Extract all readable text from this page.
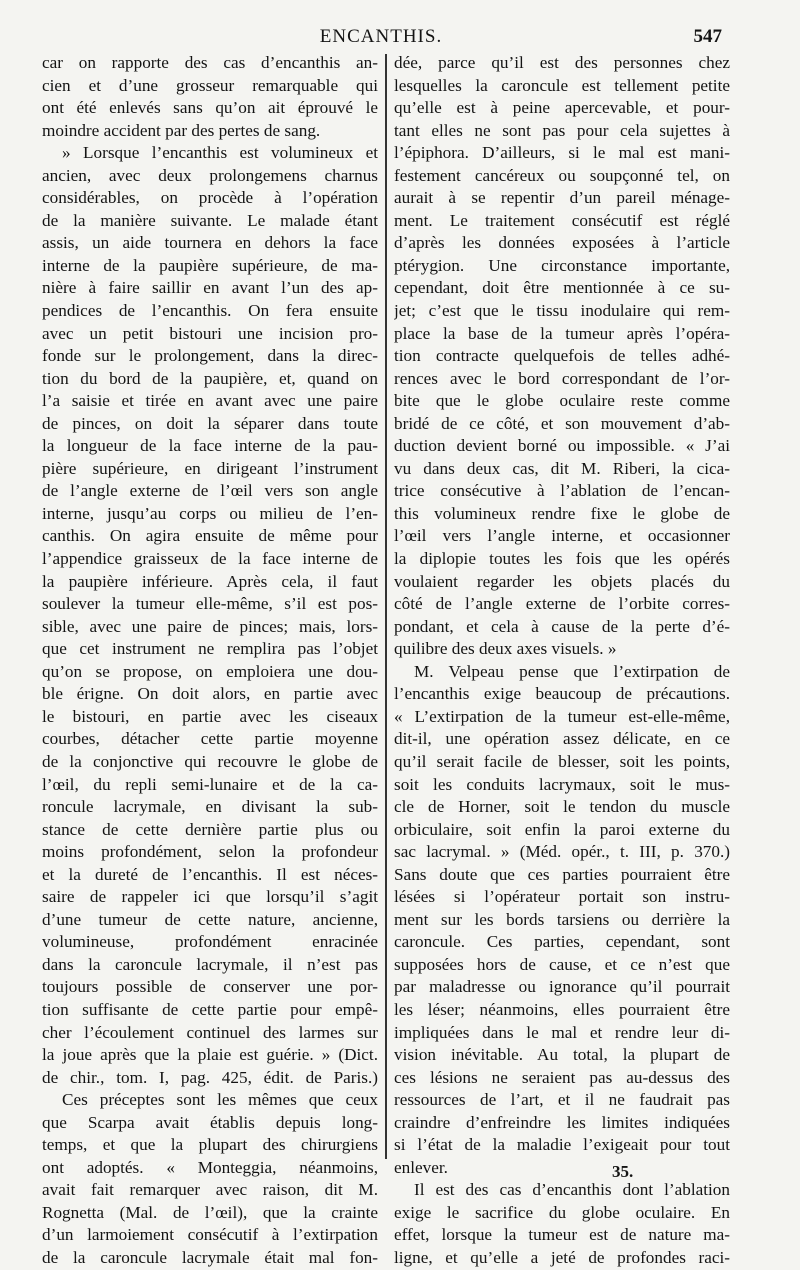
ENCANTHIS.	547
car on rapporte des cas d’encanthis an-
cien et d’une grosseur remarquable qui
ont été enlevés sans qu’on ait éprouvé le
moindre accident par des pertes de sang.
» Lorsque l’encanthis est volumineux et
ancien, avec deux prolongemens charnus
considérables, on procède à l’opération
de la manière suivante. Le malade étant
assis, un aide tournera en dehors la face
interne de la paupière supérieure, de ma-
nière à faire saillir en avant l’un des ap-
pendices de l’encanthis. On fera ensuite
avec un petit bistouri une incision pro-
fonde sur le prolongement, dans la direc-
tion du bord de la paupière, et, quand on
l’a saisie et tirée en avant avec une paire
de pinces, on doit la séparer dans toute
la longueur de la face interne de la pau-
pière supérieure, en dirigeant l’instrument
de l’angle externe de l’œil vers son angle
interne, jusqu’au corps ou milieu de l’en-
canthis. On agira ensuite de même pour
l’appendice graisseux de la face interne de
la paupière inférieure. Après cela, il faut
soulever la tumeur elle-même, s’il est pos-
sible, avec une paire de pinces; mais, lors-
que cet instrument ne remplira pas l’objet
qu’on se propose, on emploiera une dou-
ble érigne. On doit alors, en partie avec
le bistouri, en partie avec les ciseaux
courbes, détacher cette partie moyenne
de la conjonctive qui recouvre le globe de
l’œil, du repli semi-lunaire et de la ca-
roncule lacrymale, en divisant la sub-
stance de cette dernière partie plus ou
moins profondément, selon la profondeur
et la dureté de l’encanthis. Il est néces-
saire de rappeler ici que lorsqu’il s’agit
d’une tumeur de cette nature, ancienne,
volumineuse, profondément enracinée
dans la caroncule lacrymale, il n’est pas
toujours possible de conserver une por-
tion suffisante de cette partie pour empê-
cher l’écoulement continuel des larmes sur
la joue après que la plaie est guérie. » (Dict.
de chir., tom. I, pag. 425, édit. de Paris.)
Ces préceptes sont les mêmes que ceux
que Scarpa avait établis depuis long-
temps, et que la plupart des chirurgiens
ont adoptés. « Monteggia, néanmoins,
avait fait remarquer avec raison, dit M.
Rognetta (Mal. de l’œil), que la crainte
d’un larmoiement consécutif à l’extirpation
de la caroncule lacrymale était mal fon-
dée, parce qu’il est des personnes chez
lesquelles la caroncule est tellement petite
qu’elle est à peine apercevable, et pour-
tant elles ne sont pas pour cela sujettes à
l’épiphora. D’ailleurs, si le mal est mani-
festement cancéreux ou soupçonné tel, on
aurait à se repentir d’un pareil ménage-
ment. Le traitement consécutif est réglé
d’après les données exposées à l’article
ptérygion. Une circonstance importante,
cependant, doit être mentionnée à ce su-
jet; c’est que le tissu inodulaire qui rem-
place la base de la tumeur après l’opéra-
tion contracte quelquefois de telles adhé-
rences avec le bord correspondant de l’or-
bite que le globe oculaire reste comme
bridé de ce côté, et son mouvement d’ab-
duction devient borné ou impossible. « J’ai
vu dans deux cas, dit M. Riberi, la cica-
trice consécutive à l’ablation de l’encan-
this volumineux rendre fixe le globe de
l’œil vers l’angle interne, et occasionner
la diplopie toutes les fois que les opérés
voulaient regarder les objets placés du
côté de l’angle externe de l’orbite corres-
pondant, et cela à cause de la perte d’é-
quilibre des deux axes visuels. »
M. Velpeau pense que l’extirpation de
l’encanthis exige beaucoup de précautions.
« L’extirpation de la tumeur est-elle-même,
dit-il, une opération assez délicate, en ce
qu’il serait facile de blesser, soit les points,
soit les conduits lacrymaux, soit le mus-
cle de Horner, soit le tendon du muscle
orbiculaire, soit enfin la paroi externe du
sac lacrymal. » (Méd. opér., t. III, p. 370.)
Sans doute que ces parties pourraient être
lésées si l’opérateur portait son instru-
ment sur les bords tarsiens ou derrière la
caroncule. Ces parties, cependant, sont
supposées hors de cause, et ce n’est que
par maladresse ou ignorance qu’il pourrait
les léser; néanmoins, elles pourraient être
impliquées dans le mal et rendre leur di-
vision inévitable. Au total, la plupart de
ces lésions ne seraient pas au-dessus des
ressources de l’art, et il ne faudrait pas
craindre d’enfreindre les limites indiquées
si l’état de la maladie l’exigeait pour tout
enlever.
Il est des cas d’encanthis dont l’ablation
exige le sacrifice du globe oculaire. En
effet, lorsque la tumeur est de nature ma-
ligne, et qu’elle a jeté de profondes raci-
35.
